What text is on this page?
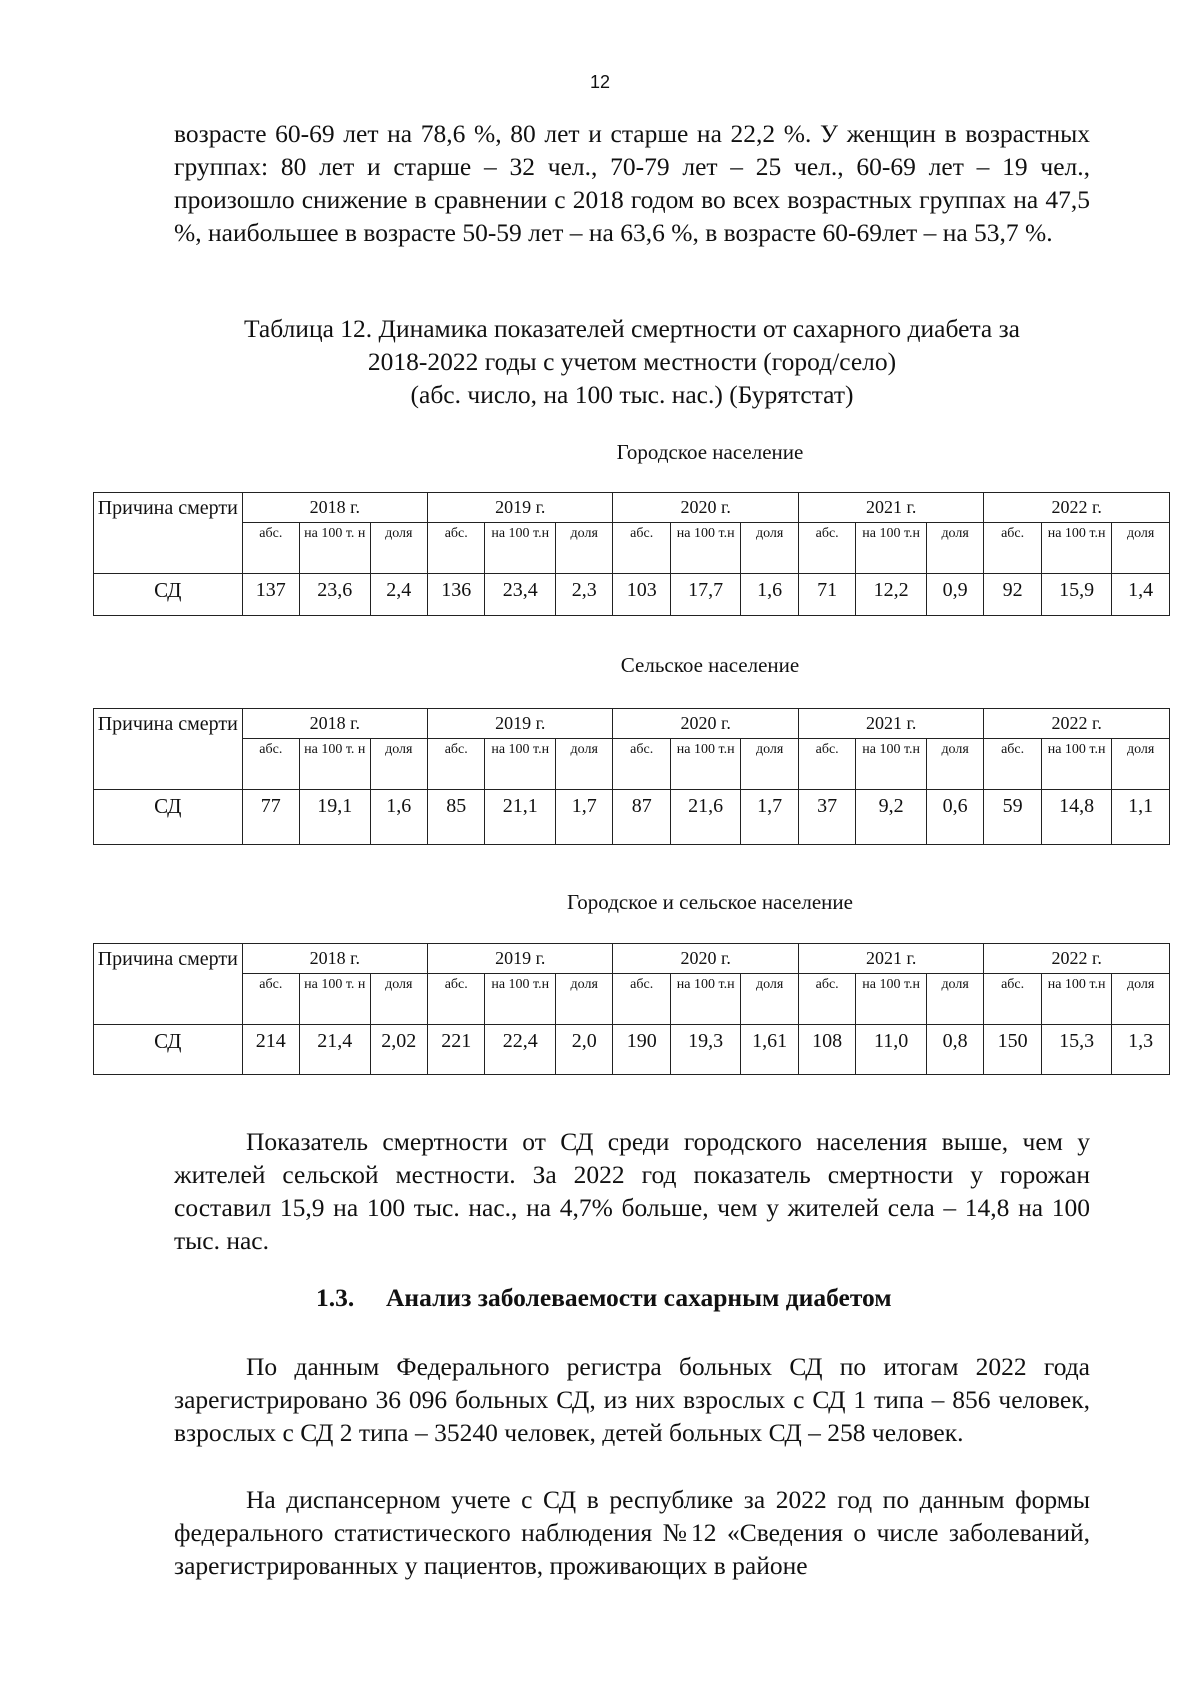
12

возрасте 60-69 лет на 78,6 %, 80 лет и старше на 22,2 %. У женщин в возрастных группах: 80 лет и старше – 32 чел., 70-79 лет – 25 чел., 60-69 лет – 19 чел., произошло снижение в сравнении с 2018 годом во всех возрастных группах на 47,5 %, наибольшее в возрасте 50-59 лет – на 63,6 %, в возрасте 60-69лет – на 53,7 %.

Таблица 12. Динамика показателей смертности от сахарного диабета за
2018-2022 годы с учетом местности (город/село)
(абс. число, на 100 тыс. нас.) (Бурятстат)
Городское население
Причина смерти	2018 г.			2019 г.			2020 г.			2021 г.			2022 г.		
	абс.	на 100 т. н	доля	абс.	на 100 т.н	доля	абс.	на 100 т.н	доля	абс.	на 100 т.н	доля	абс.	на 100 т.н	доля
СД	137	23,6	2,4	136	23,4	2,3	103	17,7	1,6	71	12,2	0,9	92	15,9	1,4
Сельское население
Причина смерти	2018 г.			2019 г.			2020 г.			2021 г.			2022 г.		
	абс.	на 100 т. н	доля	абс.	на 100 т.н	доля	абс.	на 100 т.н	доля	абс.	на 100 т.н	доля	абс.	на 100 т.н	доля
СД	77	19,1	1,6	85	21,1	1,7	87	21,6	1,7	37	9,2	0,6	59	14,8	1,1
Городское и сельское население
Причина смерти	2018 г.			2019 г.			2020 г.			2021 г.			2022 г.		
	абс.	на 100 т. н	доля	абс.	на 100 т.н	доля	абс.	на 100 т.н	доля	абс.	на 100 т.н	доля	абс.	на 100 т.н	доля
СД	214	21,4	2,02	221	22,4	2,0	190	19,3	1,61	108	11,0	0,8	150	15,3	1,3

Показатель смертности от СД среди городского населения выше, чем у жителей сельской местности. За 2022 год показатель смертности у горожан составил 15,9 на 100 тыс. нас., на 4,7% больше, чем у жителей села – 14,8 на 100 тыс. нас.

1.3. Анализ заболеваемости сахарным диабетом

По данным Федерального регистра больных СД по итогам 2022 года зарегистрировано 36 096 больных СД, из них взрослых с СД 1 типа – 856 человек, взрослых с СД 2 типа – 35240 человек, детей больных СД – 258 человек.

На диспансерном учете с СД в республике за 2022 год по данным формы федерального статистического наблюдения №12 «Сведения о числе заболеваний, зарегистрированных у пациентов, проживающих в районе
